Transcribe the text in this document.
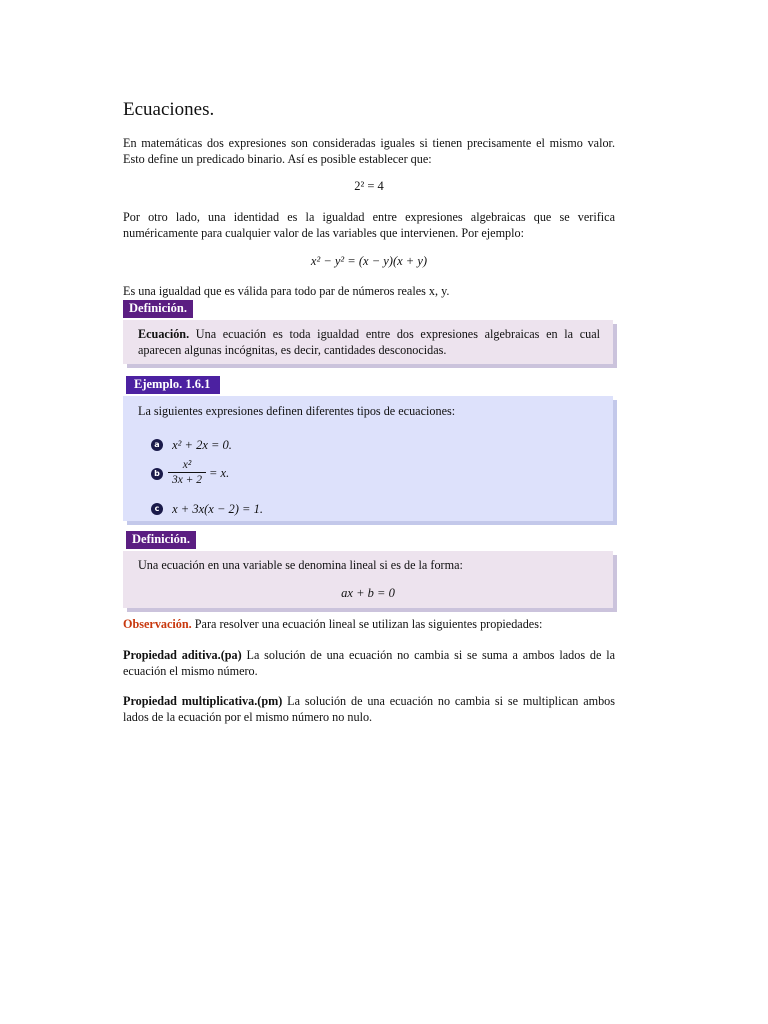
Ecuaciones.
En matemáticas dos expresiones son consideradas iguales si tienen precisamente el mismo valor. Esto define un predicado binario. Así es posible establecer que:
2² = 4
Por otro lado, una identidad es la igualdad entre expresiones algebraicas que se verifica numéricamente para cualquier valor de las variables que intervienen. Por ejemplo:
x² − y² = (x − y)(x + y)
Es una igualdad que es válida para todo par de números reales x, y.
Definición.
Ecuación. Una ecuación es toda igualdad entre dos expresiones algebraicas en la cual aparecen algunas incógnitas, es decir, cantidades desconocidas.
Ejemplo. 1.6.1
La siguientes expresiones definen diferentes tipos de ecuaciones:
a x² + 2x = 0.
b $\frac{\text{x²}}{3x + 2} = x$.
c x + 3x(x − 2) = 1.
Definición.
Una ecuación en una variable se denomina lineal si es de la forma:
ax + b = 0
Observación. Para resolver una ecuación lineal se utilizan las siguientes propiedades:
Propiedad aditiva.(pa) La solución de una ecuación no cambia si se suma a ambos lados de la ecuación el mismo número.
Propiedad multiplicativa.(pm) La solución de una ecuación no cambia si se multiplican ambos lados de la ecuación por el mismo número no nulo.
